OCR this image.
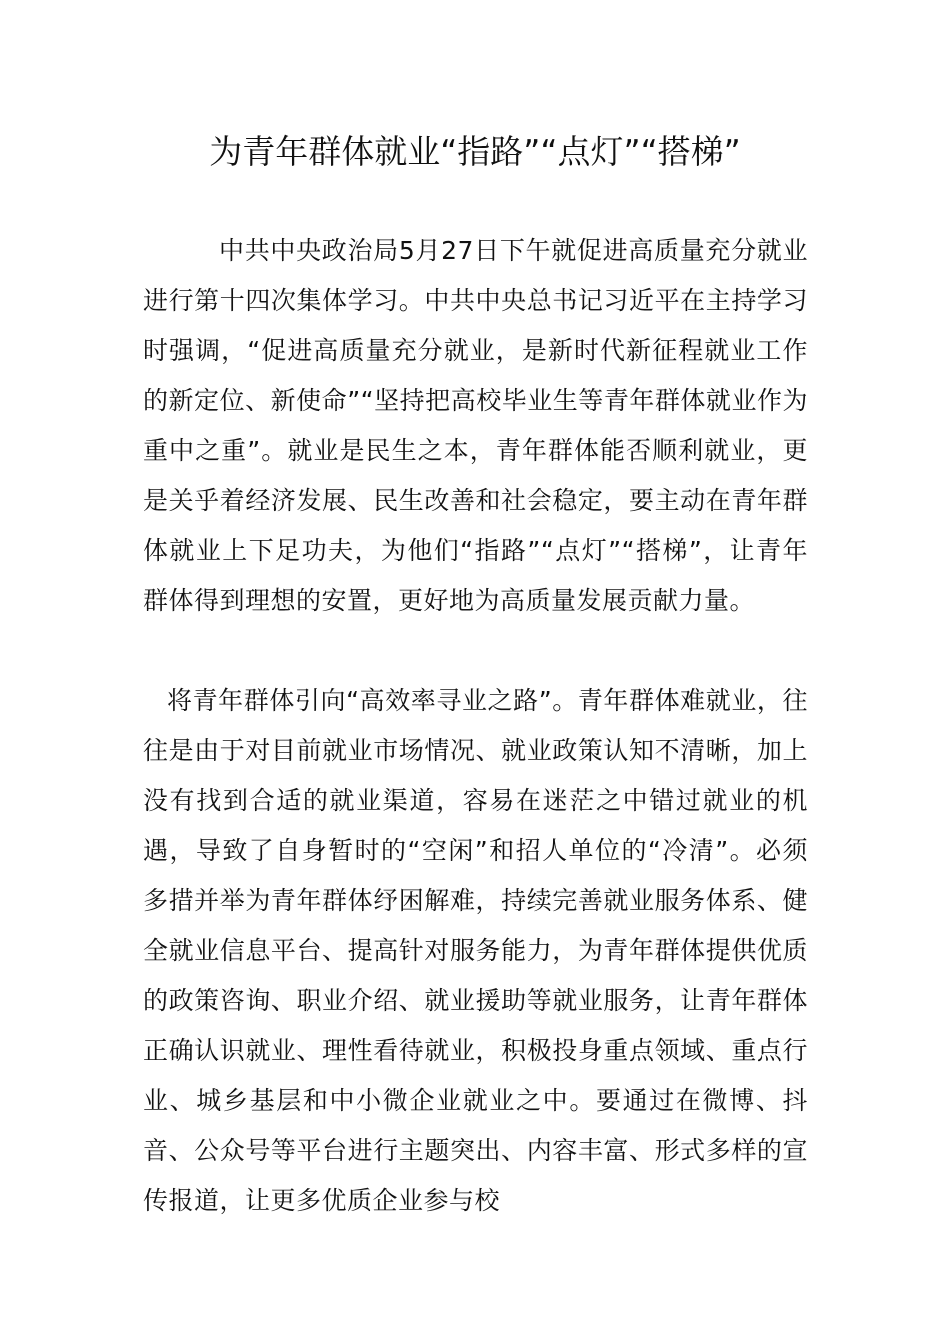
为青年群体就业“指路”“点灯”“搭梯”

中共中央政治局5月27日下午就促进高质量充分就业进行第十四次集体学习。中共中央总书记习近平在主持学习时强调，“促进高质量充分就业，是新时代新征程就业工作的新定位、新使命”“坚持把高校毕业生等青年群体就业作为重中之重”。就业是民生之本，青年群体能否顺利就业，更是关乎着经济发展、民生改善和社会稳定，要主动在青年群体就业上下足功夫，为他们“指路”“点灯”“搭梯”，让青年群体得到理想的安置，更好地为高质量发展贡献力量。

将青年群体引向“高效率寻业之路”。青年群体难就业，往往是由于对目前就业市场情况、就业政策认知不清晰，加上没有找到合适的就业渠道，容易在迷茫之中错过就业的机遇，导致了自身暂时的“空闲”和招人单位的“冷清”。必须多措并举为青年群体纾困解难，持续完善就业服务体系、健全就业信息平台、提高针对服务能力，为青年群体提供优质的政策咨询、职业介绍、就业援助等就业服务，让青年群体正确认识就业、理性看待就业，积极投身重点领域、重点行业、城乡基层和中小微企业就业之中。要通过在微博、抖音、公众号等平台进行主题突出、内容丰富、形式多样的宣传报道，让更多优质企业参与校
